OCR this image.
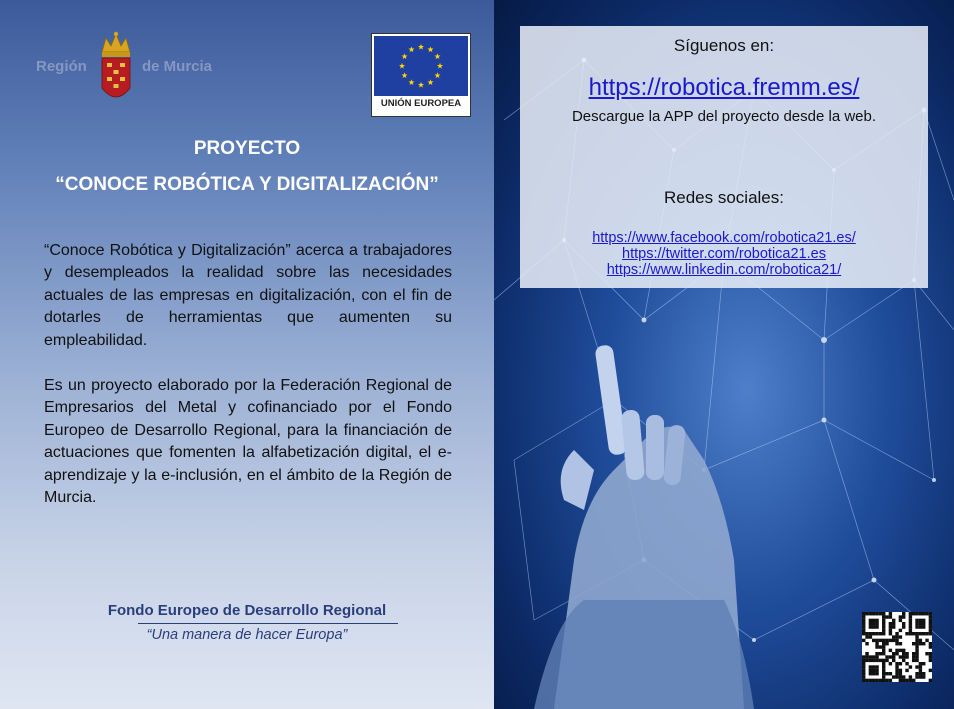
Región	de Murcia
UNIÓN EUROPEA
PROYECTO
“CONOCE ROBÓTICA Y DIGITALIZACIÓN”
“Conoce Robótica y Digitalización” acerca a trabajadores y desempleados la realidad sobre las necesidades actuales de las empresas en digitalización, con el fin de dotarles de herramientas que aumenten su empleabilidad.
Es un proyecto elaborado por la Federación Regional de Empresarios del Metal y cofinanciado por el Fondo Europeo de Desarrollo Regional, para la financiación de actuaciones que fomenten la alfabetización digital, el e-aprendizaje y la e-inclusión, en el ámbito de la Región de Murcia.
Fondo Europeo de Desarrollo Regional
“Una manera de hacer Europa”
Síguenos en:
https://robotica.fremm.es/
Descargue la APP del proyecto desde la web.
Redes sociales:
https://www.facebook.com/robotica21.es/
https://twitter.com/robotica21.es
https://www.linkedin.com/robotica21/
